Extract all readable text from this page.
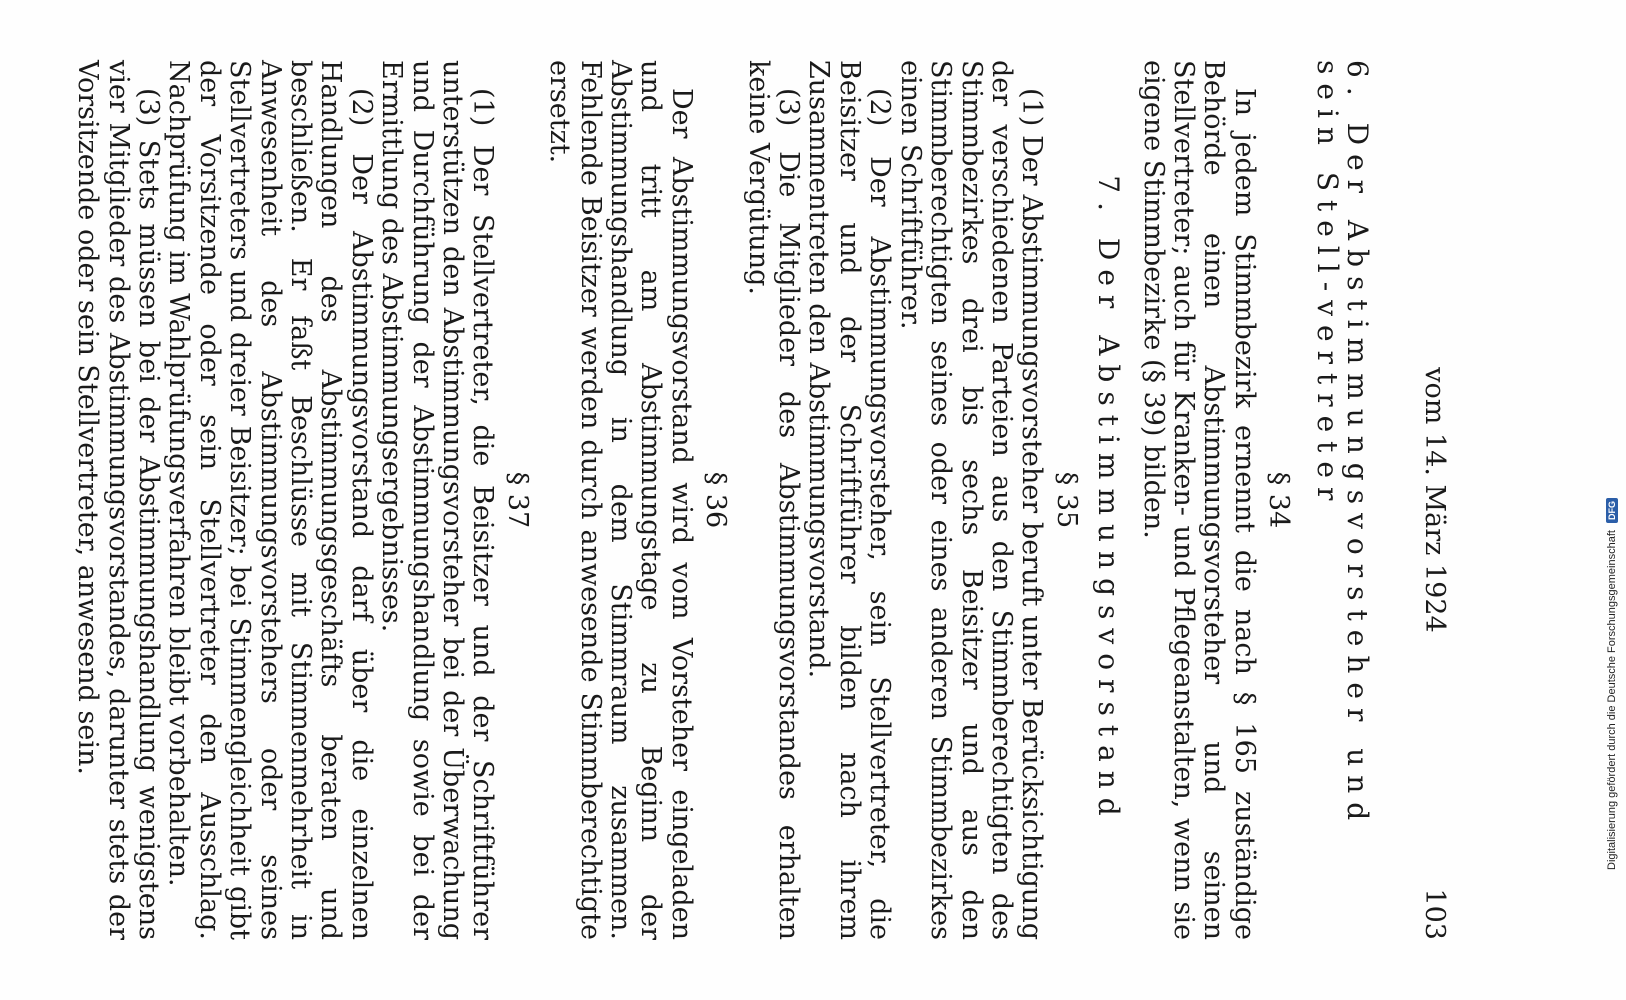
vom 14. März 1924
103

6. Der Abstimmungsvorsteher und sein Stell-vertreter

§ 34

In jedem Stimmbezirk ernennt die nach § 165 zuständige Behörde einen Abstimmungsvorsteher und seinen Stellvertreter; auch für Kranken- und Pflegeanstalten, wenn sie eigene Stimmbezirke (§ 39) bilden.

7. Der Abstimmungsvorstand

§ 35

(1) Der Abstimmungsvorsteher beruft unter Berücksichtigung der verschiedenen Parteien aus den Stimmberechtigten des Stimmbezirkes drei bis sechs Beisitzer und aus den Stimmberechtigten seines oder eines anderen Stimmbezirkes einen Schriftführer.

(2) Der Abstimmungsvorsteher, sein Stellvertreter, die Beisitzer und der Schriftführer bilden nach ihrem Zusammentreten den Abstimmungsvorstand.

(3) Die Mitglieder des Abstimmungsvorstandes erhalten keine Vergütung.

§ 36

Der Abstimmungsvorstand wird vom Vorsteher eingeladen und tritt am Abstimmungstage zu Beginn der Abstimmungshandlung in dem Stimmraum zusammen. Fehlende Beisitzer werden durch anwesende Stimmberechtigte ersetzt.

§ 37

(1) Der Stellvertreter, die Beisitzer und der Schriftführer unterstützen den Abstimmungsvorsteher bei der Überwachung und Durchführung der Abstimmungshandlung sowie bei der Ermittlung des Abstimmungsergebnisses.

(2) Der Abstimmungsvorstand darf über die einzelnen Handlungen des Abstimmungsgeschäfts beraten und beschließen. Er faßt Beschlüsse mit Stimmenmehrheit in Anwesenheit des Abstimmungsvorstehers oder seines Stellvertreters und dreier Beisitzer; bei Stimmengleichheit gibt der Vorsitzende oder sein Stellvertreter den Ausschlag. Nachprüfung im Wahlprüfungsverfahren bleibt vorbehalten.

(3) Stets müssen bei der Abstimmungshandlung wenigstens vier Mitglieder des Abstimmungsvorstandes, darunter stets der Vorsitzende oder sein Stellvertreter, anwesend sein.	Digitalisierung gefördert durch die Deutsche Forschungsgemeinschaft DFG
